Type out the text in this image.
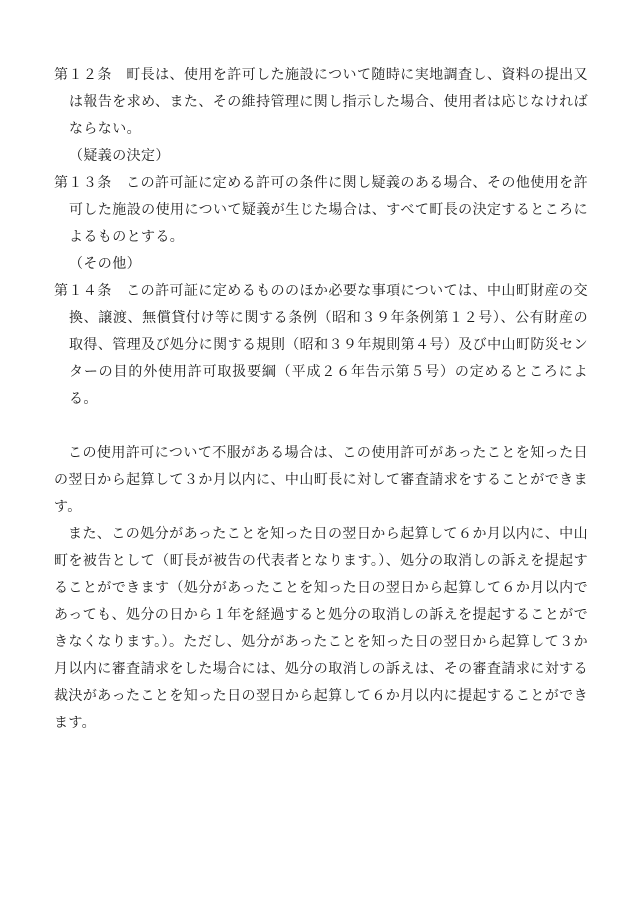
第１２条　町長は、使用を許可した施設について随時に実地調査し、資料の提出又は報告を求め、また、その維持管理に関し指示した場合、使用者は応じなければならない。

（疑義の決定）

第１３条　この許可証に定める許可の条件に関し疑義のある場合、その他使用を許可した施設の使用について疑義が生じた場合は、すべて町長の決定するところによるものとする。

（その他）

第１４条　この許可証に定めるもののほか必要な事項については、中山町財産の交換、譲渡、無償貸付け等に関する条例（昭和３９年条例第１２号）、公有財産の取得、管理及び処分に関する規則（昭和３９年規則第４号）及び中山町防災センターの目的外使用許可取扱要綱（平成２６年告示第５号）の定めるところによる。

この使用許可について不服がある場合は、この使用許可があったことを知った日の翌日から起算して３か月以内に、中山町長に対して審査請求をすることができます。

また、この処分があったことを知った日の翌日から起算して６か月以内に、中山町を被告として（町長が被告の代表者となります。）、処分の取消しの訴えを提起することができます（処分があったことを知った日の翌日から起算して６か月以内であっても、処分の日から１年を経過すると処分の取消しの訴えを提起することができなくなります。）。ただし、処分があったことを知った日の翌日から起算して３か月以内に審査請求をした場合には、処分の取消しの訴えは、その審査請求に対する裁決があったことを知った日の翌日から起算して６か月以内に提起することができます。
